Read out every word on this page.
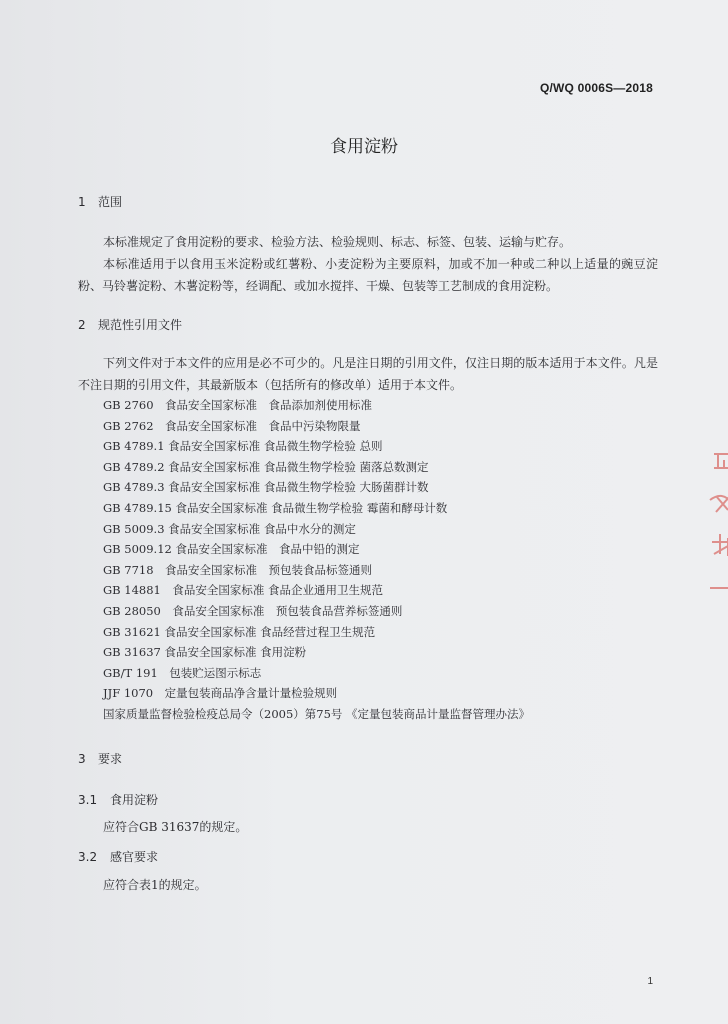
Q/WQ 0006S—2018
食用淀粉
1 范围
本标准规定了食用淀粉的要求、检验方法、检验规则、标志、标签、包装、运输与贮存。
本标准适用于以食用玉米淀粉或红薯粉、小麦淀粉为主要原料，加或不加一种或二种以上适量的豌豆淀粉、马铃薯淀粉、木薯淀粉等，经调配、或加水搅拌、干燥、包装等工艺制成的食用淀粉。
2 规范性引用文件
下列文件对于本文件的应用是必不可少的。凡是注日期的引用文件，仅注日期的版本适用于本文件。凡是不注日期的引用文件，其最新版本（包括所有的修改单）适用于本文件。
GB 2760　食品安全国家标准　食品添加剂使用标准
GB 2762　食品安全国家标准　食品中污染物限量
GB 4789.1 食品安全国家标准 食品微生物学检验 总则
GB 4789.2 食品安全国家标准 食品微生物学检验 菌落总数测定
GB 4789.3 食品安全国家标准 食品微生物学检验 大肠菌群计数
GB 4789.15 食品安全国家标准 食品微生物学检验 霉菌和酵母计数
GB 5009.3 食品安全国家标准 食品中水分的测定
GB 5009.12 食品安全国家标准　食品中铅的测定
GB 7718　食品安全国家标准　预包装食品标签通则
GB 14881　食品安全国家标准 食品企业通用卫生规范
GB 28050　食品安全国家标准　预包装食品营养标签通则
GB 31621 食品安全国家标准 食品经营过程卫生规范
GB 31637 食品安全国家标准 食用淀粉
GB/T 191　包装贮运图示标志
JJF 1070　定量包装商品净含量计量检验规则
国家质量监督检验检疫总局令（2005）第75号 《定量包装商品计量监督管理办法》
3 要求
3.1 食用淀粉
应符合GB 31637的规定。
3.2 感官要求
应符合表1的规定。
1
